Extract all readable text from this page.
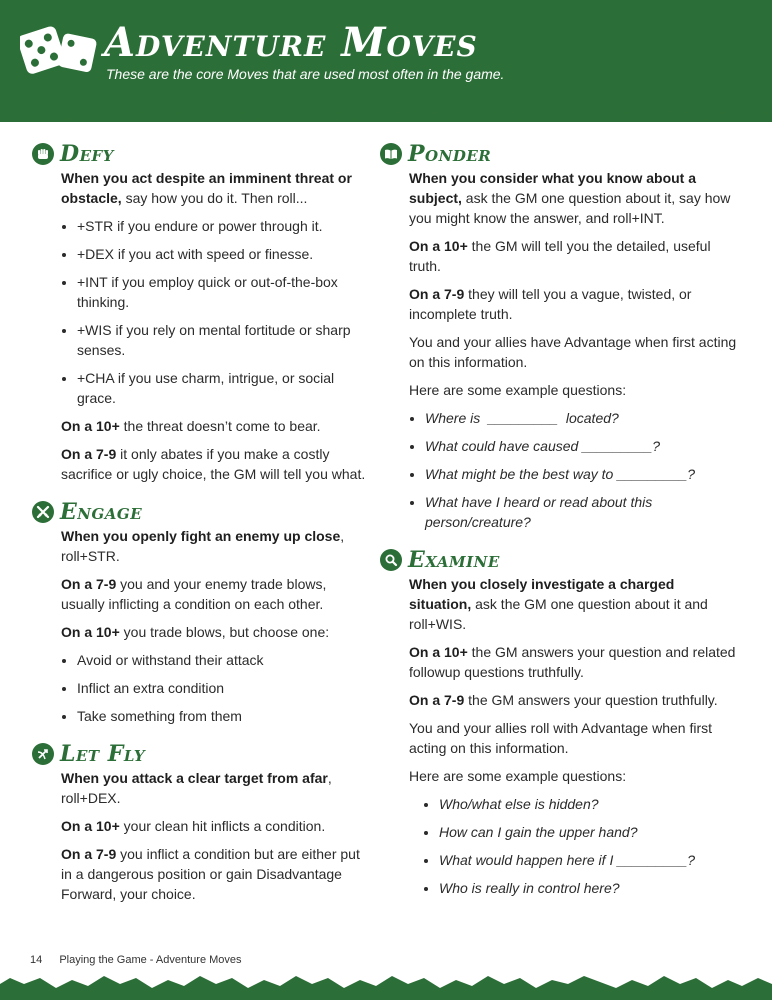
Adventure Moves

These are the core Moves that are used most often in the game.

Defy

When you act despite an imminent threat or obstacle, say how you do it. Then roll...

• +STR if you endure or power through it.
• +DEX if you act with speed or finesse.
• +INT if you employ quick or out-of-the-box thinking.
• +WIS if you rely on mental fortitude or sharp senses.
• +CHA if you use charm, intrigue, or social grace.

On a 10+ the threat doesn’t come to bear.

On a 7-9 it only abates if you make a costly sacrifice or ugly choice, the GM will tell you what.

Engage

When you openly fight an enemy up close, roll+STR.

On a 7-9 you and your enemy trade blows, usually inflicting a condition on each other.

On a 10+ you trade blows, but choose one:

• Avoid or withstand their attack
• Inflict an extra condition
• Take something from them
Let Fly

When you attack a clear target from afar, roll+DEX.

On a 10+ your clean hit inflicts a condition.

On a 7-9 you inflict a condition but are either put in a dangerous position or gain Disadvantage Forward, your choice.

Ponder

When you consider what you know about a subject, ask the GM one question about it, say how you might know the answer, and roll+INT.

On a 10+ the GM will tell you the detailed, useful truth.

On a 7-9 they will tell you a vague, twisted, or incomplete truth.

You and your allies have Advantage when first acting on this information.

Here are some example questions:

• Where is  _________  located?
• What could have caused _________?
• What might be the best way to _________?
• What have I heard or read about this person/creature?
Examine

When you closely investigate a charged situation, ask the GM one question about it and roll+WIS.

On a 10+ the GM answers your question and related followup questions truthfully.

On a 7-9 the GM answers your question truthfully.

You and your allies roll with Advantage when first acting on this information.

Here are some example questions:

• Who/what else is hidden?
• How can I gain the upper hand?
• What would happen here if I _________?
• Who is really in control here?
14 Playing the Game - Adventure Moves
